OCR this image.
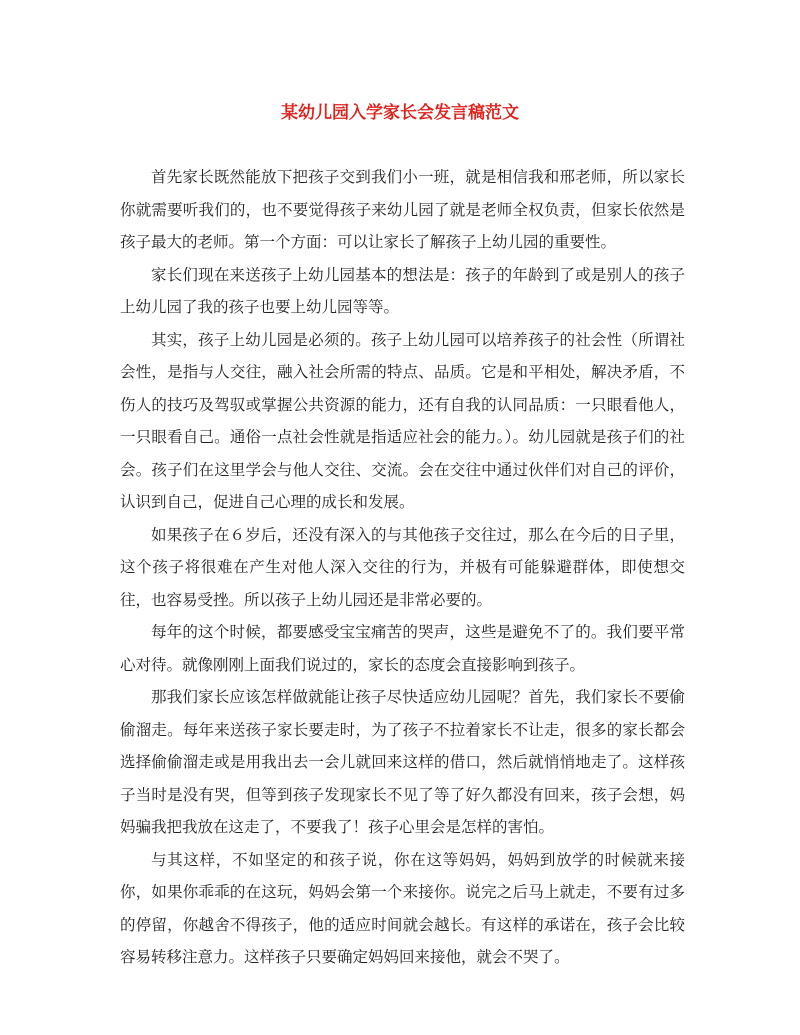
某幼儿园入学家长会发言稿范文

首先家长既然能放下把孩子交到我们小一班，就是相信我和邢老师，所以家长你就需要听我们的，也不要觉得孩子来幼儿园了就是老师全权负责，但家长依然是孩子最大的老师。第一个方面：可以让家长了解孩子上幼儿园的重要性。

家长们现在来送孩子上幼儿园基本的想法是：孩子的年龄到了或是别人的孩子上幼儿园了我的孩子也要上幼儿园等等。

其实，孩子上幼儿园是必须的。孩子上幼儿园可以培养孩子的社会性（所谓社会性，是指与人交往，融入社会所需的特点、品质。它是和平相处，解决矛盾，不伤人的技巧及驾驭或掌握公共资源的能力，还有自我的认同品质：一只眼看他人，一只眼看自己。通俗一点社会性就是指适应社会的能力。）。幼儿园就是孩子们的社会。孩子们在这里学会与他人交往、交流。会在交往中通过伙伴们对自己的评价，认识到自己，促进自己心理的成长和发展。

如果孩子在６岁后，还没有深入的与其他孩子交往过，那么在今后的日子里，这个孩子将很难在产生对他人深入交往的行为，并极有可能躲避群体，即使想交往，也容易受挫。所以孩子上幼儿园还是非常必要的。

每年的这个时候，都要感受宝宝痛苦的哭声，这些是避免不了的。我们要平常心对待。就像刚刚上面我们说过的，家长的态度会直接影响到孩子。

那我们家长应该怎样做就能让孩子尽快适应幼儿园呢？首先，我们家长不要偷偷溜走。每年来送孩子家长要走时，为了孩子不拉着家长不让走，很多的家长都会选择偷偷溜走或是用我出去一会儿就回来这样的借口，然后就悄悄地走了。这样孩子当时是没有哭，但等到孩子发现家长不见了等了好久都没有回来，孩子会想，妈妈骗我把我放在这走了，不要我了！孩子心里会是怎样的害怕。

与其这样，不如坚定的和孩子说，你在这等妈妈，妈妈到放学的时候就来接你，如果你乖乖的在这玩，妈妈会第一个来接你。说完之后马上就走，不要有过多的停留，你越舍不得孩子，他的适应时间就会越长。有这样的承诺在，孩子会比较容易转移注意力。这样孩子只要确定妈妈回来接他，就会不哭了。
